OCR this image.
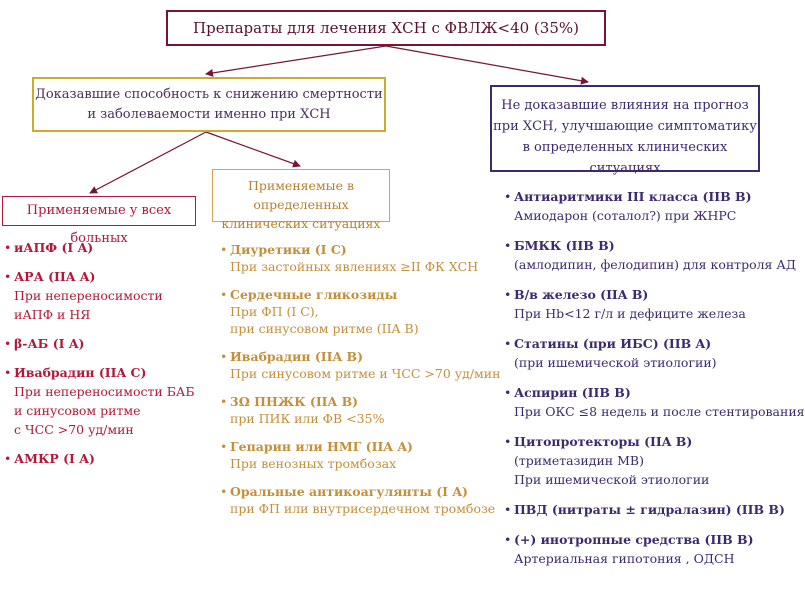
Препараты для лечения ХСН с ФВЛЖ<40 (35%)
Доказавшие способность к снижению смертности
и заболеваемости именно при ХСН
Не доказавшие влияния на прогноз
при ХСН, улучшающие симптоматику
в определенных клинических ситуациях
Применяемые у всех больных
Применяемые в определенных
клинических ситуациях
• иАПФ (I A)
• АРА (IIA A)
При непереносимости
иАПФ и НЯ
• β-АБ (I A)
• Ивабрадин (IIA C)
При непереносимости БАБ
и синусовом ритме
с ЧСС >70 уд/мин
• АМКР (I A)
• Диуретики (I C)
При застойных явлениях ≥II ФК ХСН
• Сердечные гликозиды
При ФП (I C),
при синусовом ритме (IIA B)
• Ивабрадин (IIA B)
При синусовом ритме и ЧСС >70 уд/мин
• 3Ω ПНЖК (IIA B)
при ПИК или ФВ <35%
• Гепарин или НМГ (IIA A)
При венозных тромбозах
• Оральные антикоагулянты (I A)
при ФП или внутрисердечном тромбозе
• Антиаритмики III класса (IIB B)
Амиодарон (соталол?) при ЖНРС
• БМКК (IIB B)
(амлодипин, фелодипин) для контроля АД
• В/в железо (IIA B)
При Hb<12 г/л и дефиците железа
• Статины (при ИБС) (IIB A)
(при ишемической этиологии)
• Аспирин (IIB B)
При ОКС ≤8 недель и после стентирования
• Цитопротекторы (IIA B)
(триметазидин МВ)
При ишемической этиологии
• ПВД (нитраты ± гидралазин) (IIB B)
• (+) инотропные средства (IIB B)
Артериальная гипотония , ОДСН
